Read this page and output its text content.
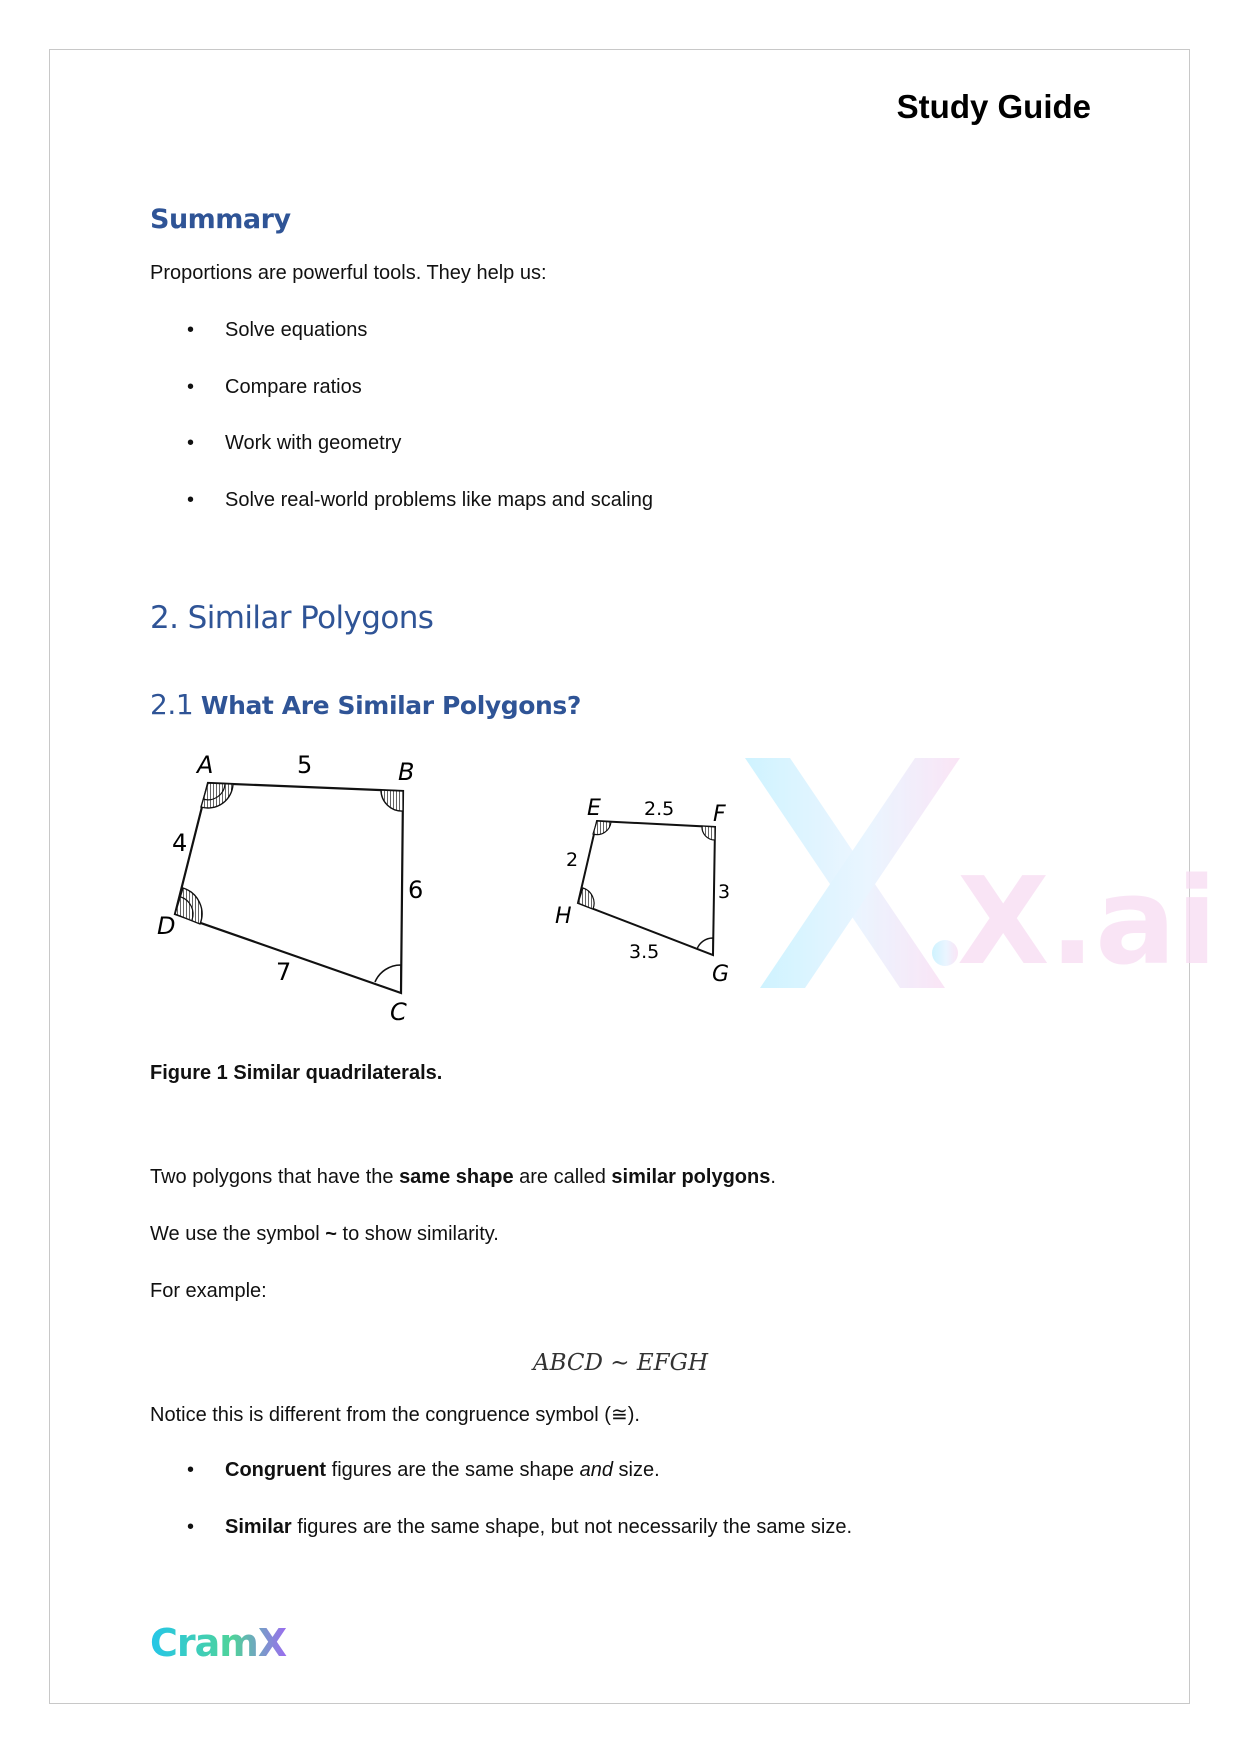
Study Guide
Summary
Proportions are powerful tools. They help us:
• Solve equations
• Compare ratios
• Work with geometry
• Solve real-world problems like maps and scaling
2. Similar Polygons
2.1 What Are Similar Polygons?
A	B
C
D
5
6
7
4
E	F
G
H
2.5
3
3.5
2	X.ai
Figure 1 Similar quadrilaterals.
Two polygons that have the same shape are called similar polygons.
We use the symbol ~ to show similarity.
For example:
ABCD ∼ EFGH
Notice this is different from the congruence symbol (≅).
• Congruent figures are the same shape and size.
• Similar figures are the same shape, but not necessarily the same size.
CramX
